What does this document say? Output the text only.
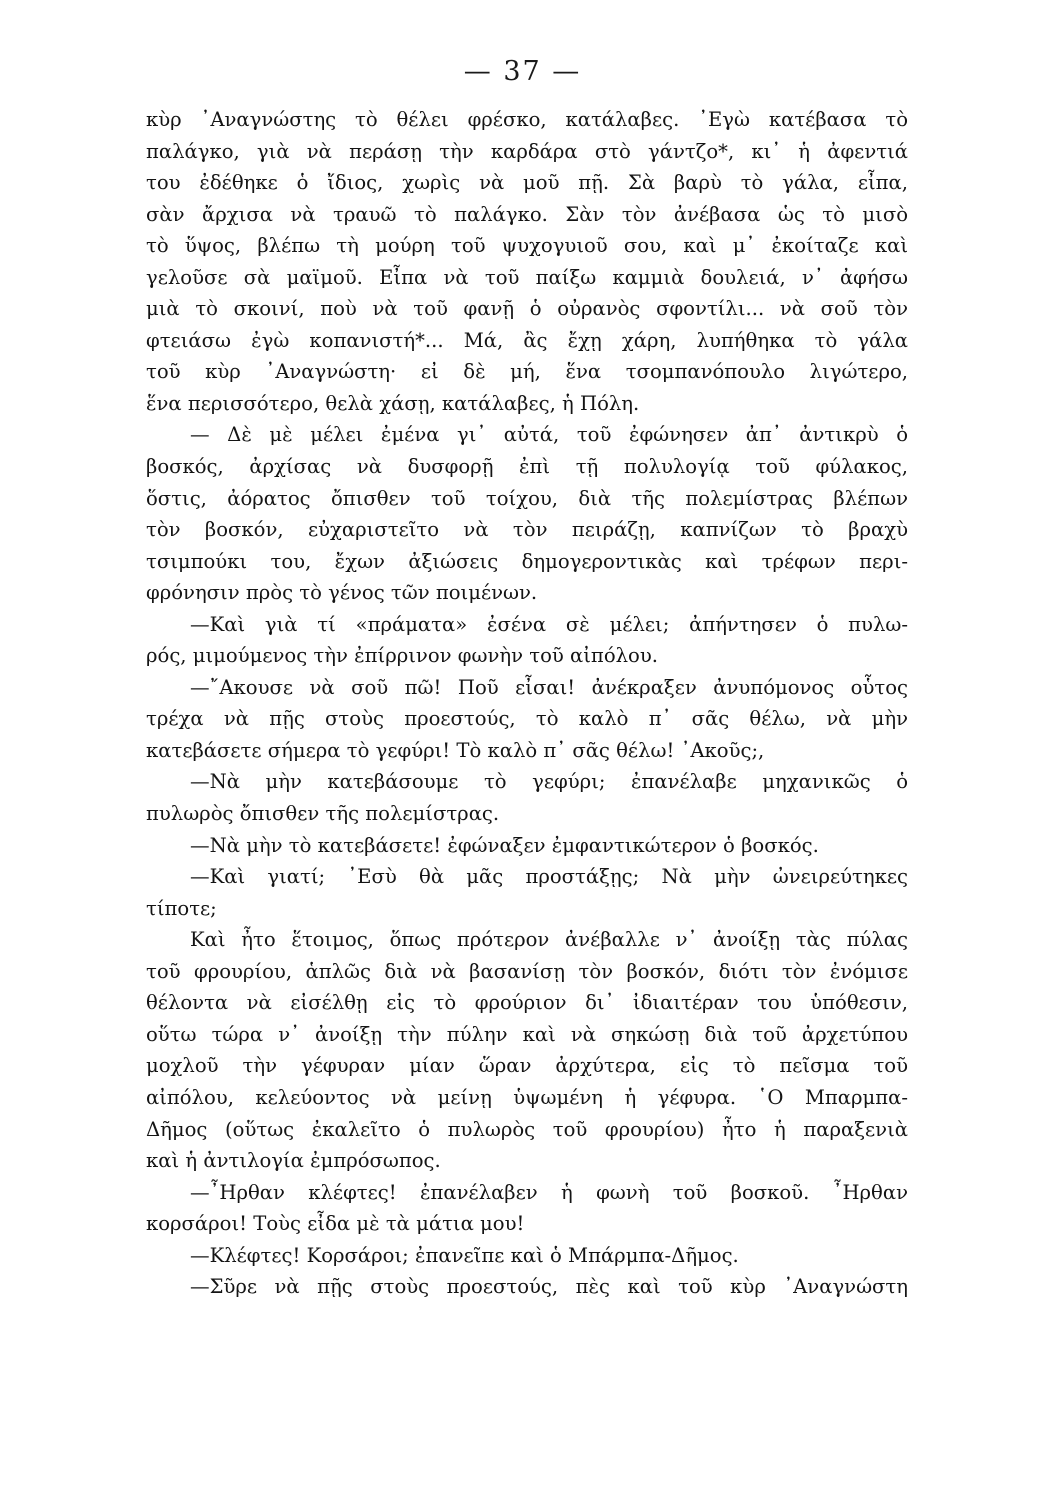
— 37 —
κὺρ ᾿Αναγνώστης τὸ θέλει φρέσκο, κατάλαβες. ᾿Εγὼ κατέβασα τὸ
παλάγκο, γιὰ νὰ περάσῃ τὴν καρδάρα στὸ γάντζο*, κι᾿ ἡ ἀφεντιά
του ἐδέθηκε ὁ ἴδιος, χωρὶς νὰ μοῦ πῇ. Σὰ βαρὺ τὸ γάλα, εἶπα,
σὰν ἄρχισα νὰ τραυῶ τὸ παλάγκο. Σὰν τὸν ἀνέβασα ὡς τὸ μισὸ
τὸ ὕψος, βλέπω τὴ μούρη τοῦ ψυχογυιοῦ σου, καὶ μ᾿ ἐκοίταζε καὶ
γελοῦσε σὰ μαϊμοῦ. Εἶπα νὰ τοῦ παίξω καμμιὰ δουλειά, ν᾿ ἀφήσω
μιὰ τὸ σκοινί, ποὺ νὰ τοῦ φανῇ ὁ οὐρανὸς σφοντίλι... νὰ σοῦ τὸν
φτειάσω ἐγὼ κοπανιστή*... Μά, ἂς ἔχῃ χάρη, λυπήθηκα τὸ γάλα
τοῦ κὺρ ᾿Αναγνώστη· εἰ δὲ μή, ἕνα τσομπανόπουλο λιγώτερο,
ἕνα περισσότερο, θελὰ χάσῃ, κατάλαβες, ἡ Πόλη.
— Δὲ μὲ μέλει ἐμένα γι᾿ αὐτά, τοῦ ἐφώνησεν ἀπ᾿ ἀντικρὺ ὁ
βοσκός, ἀρχίσας νὰ δυσφορῇ ἐπὶ τῇ πολυλογίᾳ τοῦ φύλακος,
ὅστις, ἀόρατος ὄπισθεν τοῦ τοίχου, διὰ τῆς πολεμίστρας βλέπων
τὸν βοσκόν, εὐχαριστεῖτο νὰ τὸν πειράζῃ, καπνίζων τὸ βραχὺ
τσιμπούκι του, ἔχων ἀξιώσεις δημογεροντικὰς καὶ τρέφων περι-
φρόνησιν πρὸς τὸ γένος τῶν ποιμένων.
—Καὶ γιὰ τί «πράματα» ἐσένα σὲ μέλει; ἀπήντησεν ὁ πυλω-
ρός, μιμούμενος τὴν ἐπίρρινον φωνὴν τοῦ αἰπόλου.
—῎Ακουσε νὰ σοῦ πῶ! Ποῦ εἶσαι! ἀνέκραξεν ἀνυπόμονος οὗτος
τρέχα νὰ πῇς στοὺς προεστούς, τὸ καλὸ π᾿ σᾶς θέλω, νὰ μὴν
κατεβάσετε σήμερα τὸ γεφύρι! Τὸ καλὸ π᾿ σᾶς θέλω! ᾿Ακοῦς;,
—Νὰ μὴν κατεβάσουμε τὸ γεφύρι; ἐπανέλαβε μηχανικῶς ὁ
πυλωρὸς ὄπισθεν τῆς πολεμίστρας.
—Νὰ μὴν τὸ κατεβάσετε! ἐφώναξεν ἐμφαντικώτερον ὁ βοσκός.
—Καὶ γιατί; ᾿Εσὺ θὰ μᾶς προστάξῃς; Νὰ μὴν ὠνειρεύτηκες
τίποτε;
Καὶ ἦτο ἕτοιμος, ὅπως πρότερον ἀνέβαλλε ν᾿ ἀνοίξῃ τὰς πύλας
τοῦ φρουρίου, ἁπλῶς διὰ νὰ βασανίσῃ τὸν βοσκόν, διότι τὸν ἐνόμισε
θέλοντα νὰ εἰσέλθῃ εἰς τὸ φρούριον δι᾿ ἰδιαιτέραν του ὑπόθεσιν,
οὕτω τώρα ν᾿ ἀνοίξῃ τὴν πύλην καὶ νὰ σηκώσῃ διὰ τοῦ ἀρχετύπου
μοχλοῦ τὴν γέφυραν μίαν ὥραν ἀρχύτερα, εἰς τὸ πεῖσμα τοῦ
αἰπόλου, κελεύοντος νὰ μείνῃ ὑψωμένη ἡ γέφυρα. ῾Ο Μπαρμπα-
Δῆμος (οὕτως ἐκαλεῖτο ὁ πυλωρὸς τοῦ φρουρίου) ἦτο ἡ παραξενιὰ
καὶ ἡ ἀντιλογία ἐμπρόσωπος.
—῏Ηρθαν κλέφτες! ἐπανέλαβεν ἡ φωνὴ τοῦ βοσκοῦ. ῏Ηρθαν
κορσάροι! Τοὺς εἶδα μὲ τὰ μάτια μου!
—Κλέφτες! Κορσάροι; ἐπανεῖπε καὶ ὁ Μπάρμπα-Δῆμος.
—Σῦρε νὰ πῇς στοὺς προεστούς, πὲς καὶ τοῦ κὺρ ᾿Αναγνώστη
